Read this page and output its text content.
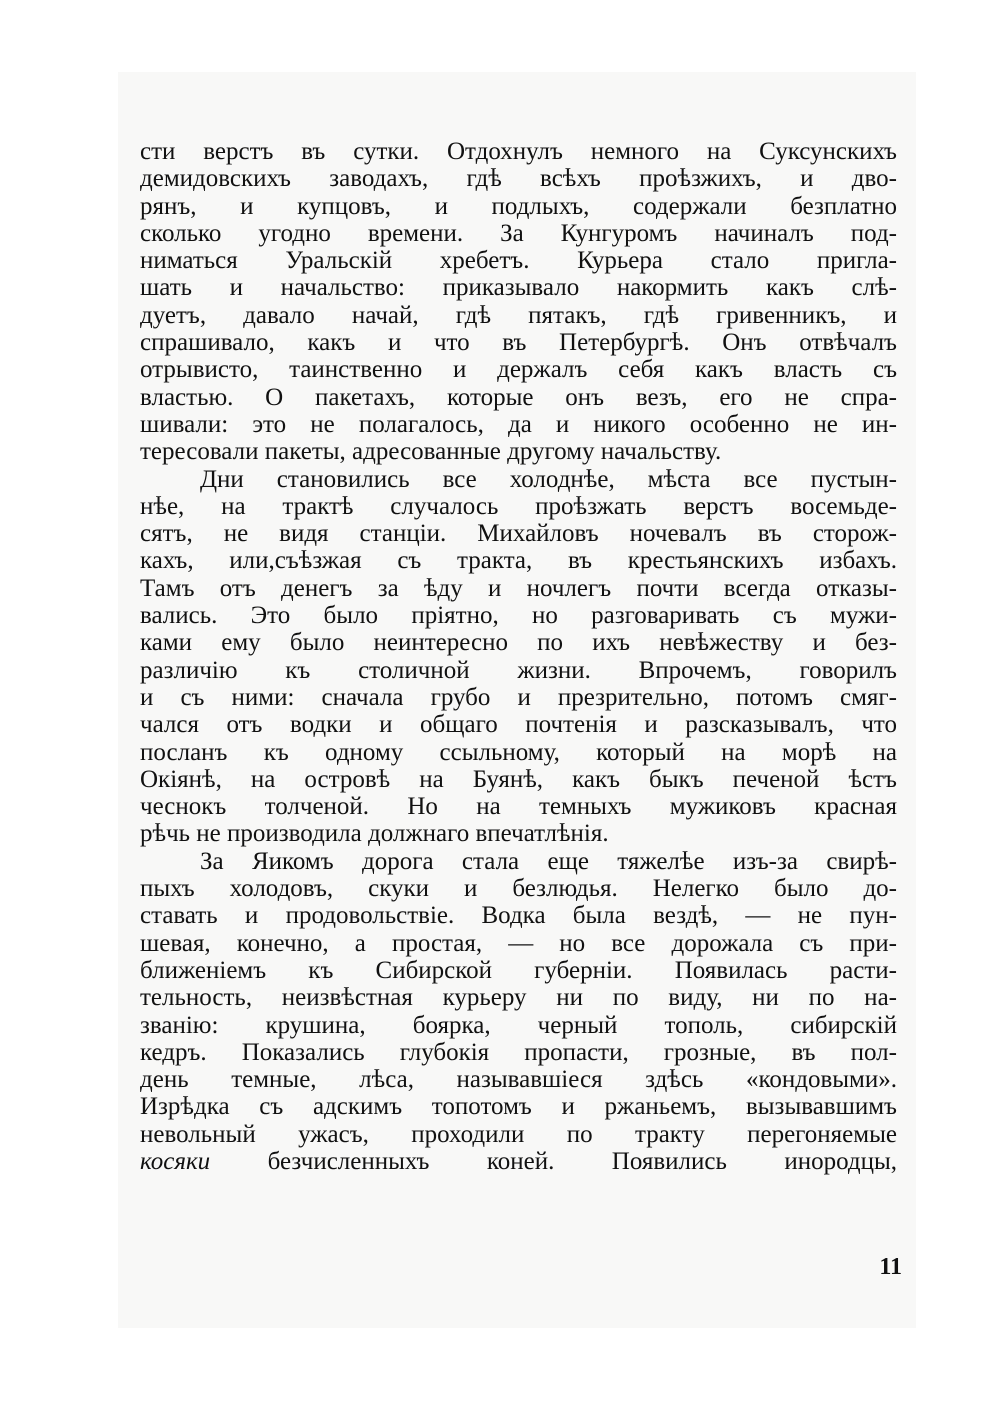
сти верстъ въ сутки. Отдохнулъ немного на Суксунскихъ
демидовскихъ заводахъ, гдѣ всѣхъ проѣзжихъ, и дво-
рянъ, и купцовъ, и подлыхъ, содержали безплатно
сколько угодно времени. За Кунгуромъ начиналъ под-
ниматься Уральскій хребетъ. Курьера стало пригла-
шать и начальство: приказывало накормить какъ слѣ-
дуетъ, давало начай, гдѣ пятакъ, гдѣ гривенникъ, и
спрашивало, какъ и что въ Петербургѣ. Онъ отвѣчалъ
отрывисто, таинственно и держалъ себя какъ власть съ
властью. О пакетахъ, которые онъ везъ, его не спра-
шивали: это не полагалось, да и никого особенно не ин-
тересовали пакеты, адресованные другому начальству.
Дни становились все холоднѣе, мѣста все пустын-
нѣе, на трактѣ случалось проѣзжать верстъ восемьде-
сятъ, не видя станціи. Михайловъ ночевалъ въ сторож-
кахъ, или,съѣзжая съ тракта, въ крестьянскихъ избахъ.
Тамъ отъ денегъ за ѣду и ночлегъ почти всегда отказы-
вались. Это было пріятно, но разговаривать съ мужи-
ками ему было неинтересно по ихъ невѣжеству и без-
различію къ столичной жизни. Впрочемъ, говорилъ
и съ ними: сначала грубо и презрительно, потомъ смяг-
чался отъ водки и общаго почтенія и разсказывалъ, что
посланъ къ одному ссыльному, который на морѣ на
Окіянѣ, на островѣ на Буянѣ, какъ быкъ печеной ѣстъ
чеснокъ толченой. Но на темныхъ мужиковъ красная
рѣчь не производила должнаго впечатлѣнія.
За Яикомъ дорога стала еще тяжелѣе изъ-за свирѣ-
пыхъ холодовъ, скуки и безлюдья. Нелегко было до-
ставать и продовольствіе. Водка была вездѣ, — не пун-
шевая, конечно, а простая, — но все дорожала съ при-
ближеніемъ къ Сибирской губерніи. Появилась расти-
тельность, неизвѣстная курьеру ни по виду, ни по на-
званію: крушина, боярка, черный тополь, сибирскій
кедръ. Показались глубокія пропасти, грозные, въ пол-
день темные, лѣса, называвшіеся здѣсь «кондовыми».
Изрѣдка съ адскимъ топотомъ и ржаньемъ, вызывавшимъ
невольный ужасъ, проходили по тракту перегоняемые
косяки безчисленныхъ коней. Появились инородцы,
11
